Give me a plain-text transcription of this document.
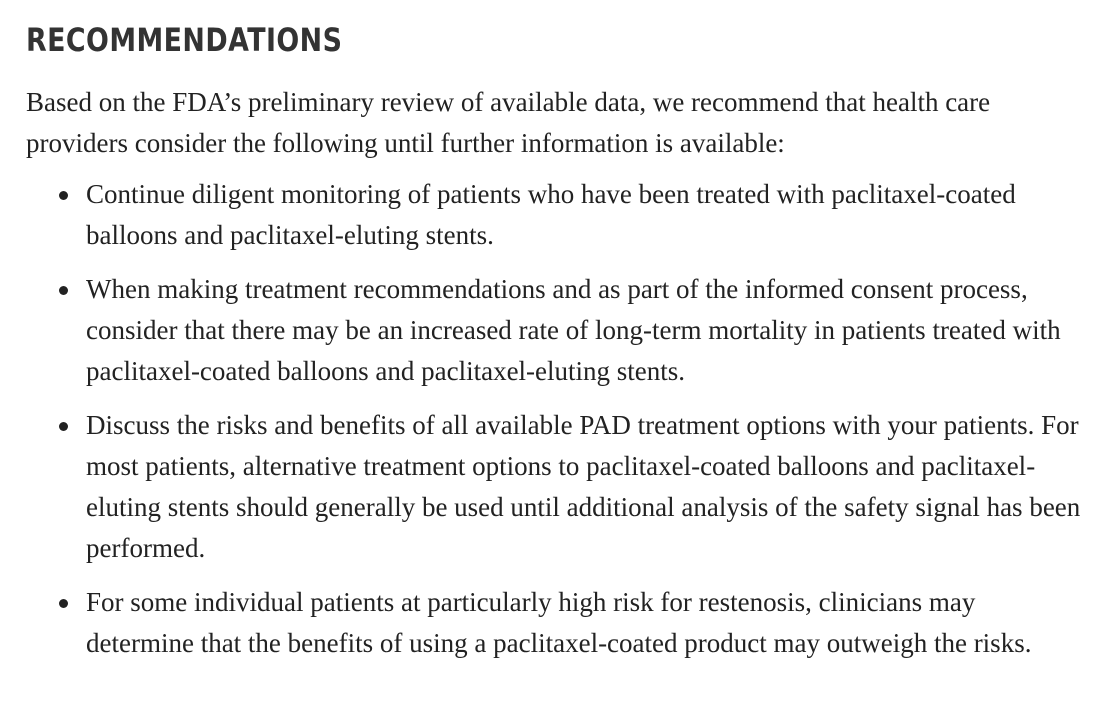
RECOMMENDATIONS

Based on the FDA’s preliminary review of available data, we recommend that health care providers consider the following until further information is available:

Continue diligent monitoring of patients who have been treated with paclitaxel-coated balloons and paclitaxel-eluting stents.
When making treatment recommendations and as part of the informed consent process, consider that there may be an increased rate of long-term mortality in patients treated with paclitaxel-coated balloons and paclitaxel-eluting stents.
Discuss the risks and benefits of all available PAD treatment options with your patients. For most patients, alternative treatment options to paclitaxel-coated balloons and paclitaxel-eluting stents should generally be used until additional analysis of the safety signal has been performed.
For some individual patients at particularly high risk for restenosis, clinicians may determine that the benefits of using a paclitaxel-coated product may outweigh the risks.
